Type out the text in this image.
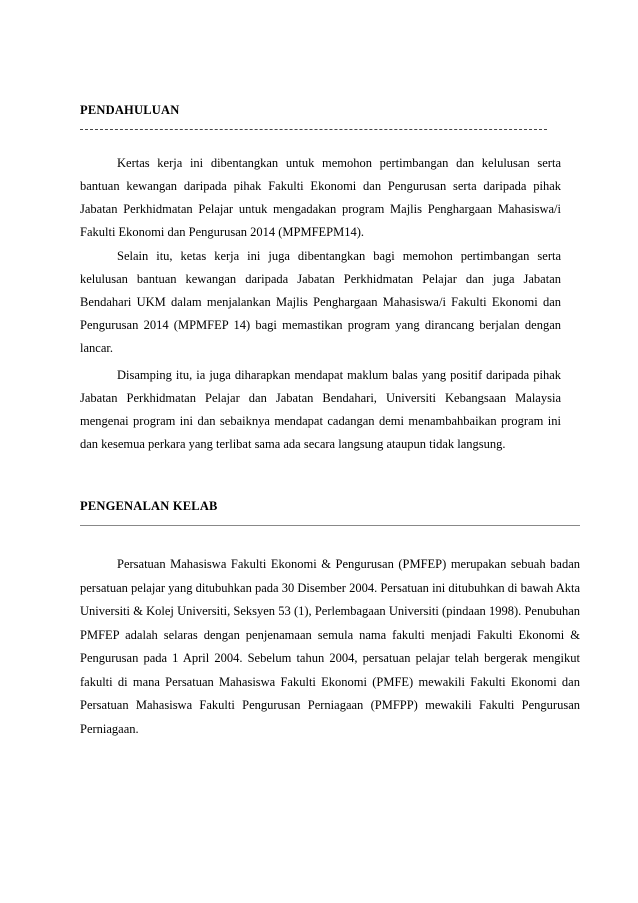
PENDAHULUAN

Kertas kerja ini dibentangkan untuk memohon pertimbangan dan kelulusan serta bantuan kewangan daripada pihak Fakulti Ekonomi dan Pengurusan serta daripada pihak Jabatan Perkhidmatan Pelajar untuk mengadakan program Majlis Penghargaan Mahasiswa/i Fakulti Ekonomi dan Pengurusan 2014 (MPMFEPM14).

Selain itu, ketas kerja ini juga dibentangkan bagi memohon pertimbangan serta kelulusan bantuan kewangan daripada Jabatan Perkhidmatan Pelajar dan juga Jabatan Bendahari UKM dalam menjalankan Majlis Penghargaan Mahasiswa/i Fakulti Ekonomi dan Pengurusan 2014 (MPMFEP 14) bagi memastikan program yang dirancang berjalan dengan lancar.

Disamping itu, ia juga diharapkan mendapat maklum balas yang positif daripada pihak Jabatan Perkhidmatan Pelajar dan Jabatan Bendahari, Universiti Kebangsaan Malaysia mengenai program ini dan sebaiknya mendapat cadangan demi menambahbaikan program ini dan kesemua perkara yang terlibat sama ada secara langsung ataupun tidak langsung.

PENGENALAN KELAB

Persatuan Mahasiswa Fakulti Ekonomi & Pengurusan (PMFEP) merupakan sebuah badan persatuan pelajar yang ditubuhkan pada 30 Disember 2004. Persatuan ini ditubuhkan di bawah Akta Universiti & Kolej Universiti, Seksyen 53 (1), Perlembagaan Universiti (pindaan 1998). Penubuhan PMFEP adalah selaras dengan penjenamaan semula nama fakulti menjadi Fakulti Ekonomi & Pengurusan pada 1 April 2004. Sebelum tahun 2004, persatuan pelajar telah bergerak mengikut fakulti di mana Persatuan Mahasiswa Fakulti Ekonomi (PMFE) mewakili Fakulti Ekonomi dan Persatuan Mahasiswa Fakulti Pengurusan Perniagaan (PMFPP) mewakili Fakulti Pengurusan Perniagaan.
